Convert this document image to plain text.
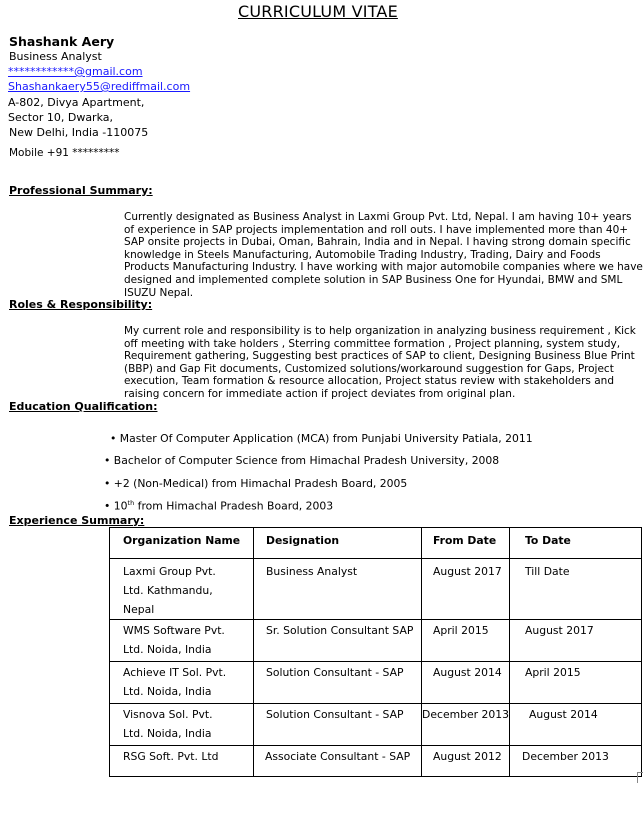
CURRICULUM VITAE
Shashank Aery
Business Analyst
************@gmail.com
Shashankaery55@rediffmail.com
A-802, Divya Apartment,
Sector 10, Dwarka,
New Delhi, India -110075
Mobile +91 *********
Professional Summary:
Currently designated as Business Analyst in Laxmi Group Pvt. Ltd, Nepal. I am having 10+ years of experience in SAP projects implementation and roll outs. I have implemented more than 40+ SAP onsite projects in Dubai, Oman, Bahrain, India and in Nepal. I having strong domain specific knowledge in Steels Manufacturing, Automobile Trading Industry, Trading, Dairy and Foods Products Manufacturing Industry. I have working with major automobile companies where we have designed and implemented complete solution in SAP Business One for Hyundai, BMW and SML ISUZU Nepal.
Roles & Responsibility:
My current role and responsibility is to help organization in analyzing business requirement , Kick off meeting with take holders , Sterring committee formation , Project planning, system study, Requirement gathering, Suggesting best practices of SAP to client, Designing Business Blue Print (BBP) and Gap Fit documents, Customized solutions/workaround suggestion for Gaps, Project execution, Team formation & resource allocation, Project status review with stakeholders and raising concern for immediate action if project deviates from original plan.
Education Qualification:
• Master Of Computer Application (MCA) from Punjabi University Patiala, 2011
• Bachelor of Computer Science from Himachal Pradesh University, 2008
• +2 (Non-Medical) from Himachal Pradesh Board, 2005
• 10th from Himachal Pradesh Board, 2003
Experience Summary:
Organization Name	Designation	From Date	To Date

Laxmi Group Pvt.
Ltd. Kathmandu,
Nepal	Business Analyst	August 2017	Till Date

WMS Software Pvt.
Ltd. Noida, India	Sr. Solution Consultant SAP	April 2015	August 2017

Achieve IT Sol. Pvt.
Ltd. Noida, India	Solution Consultant - SAP	August 2014	April 2015

Visnova Sol. Pvt.
Ltd. Noida, India	Solution Consultant - SAP	December 2013	August 2014

RSG Soft. Pvt. Ltd	Associate Consultant - SAP	August 2012	December 2013
